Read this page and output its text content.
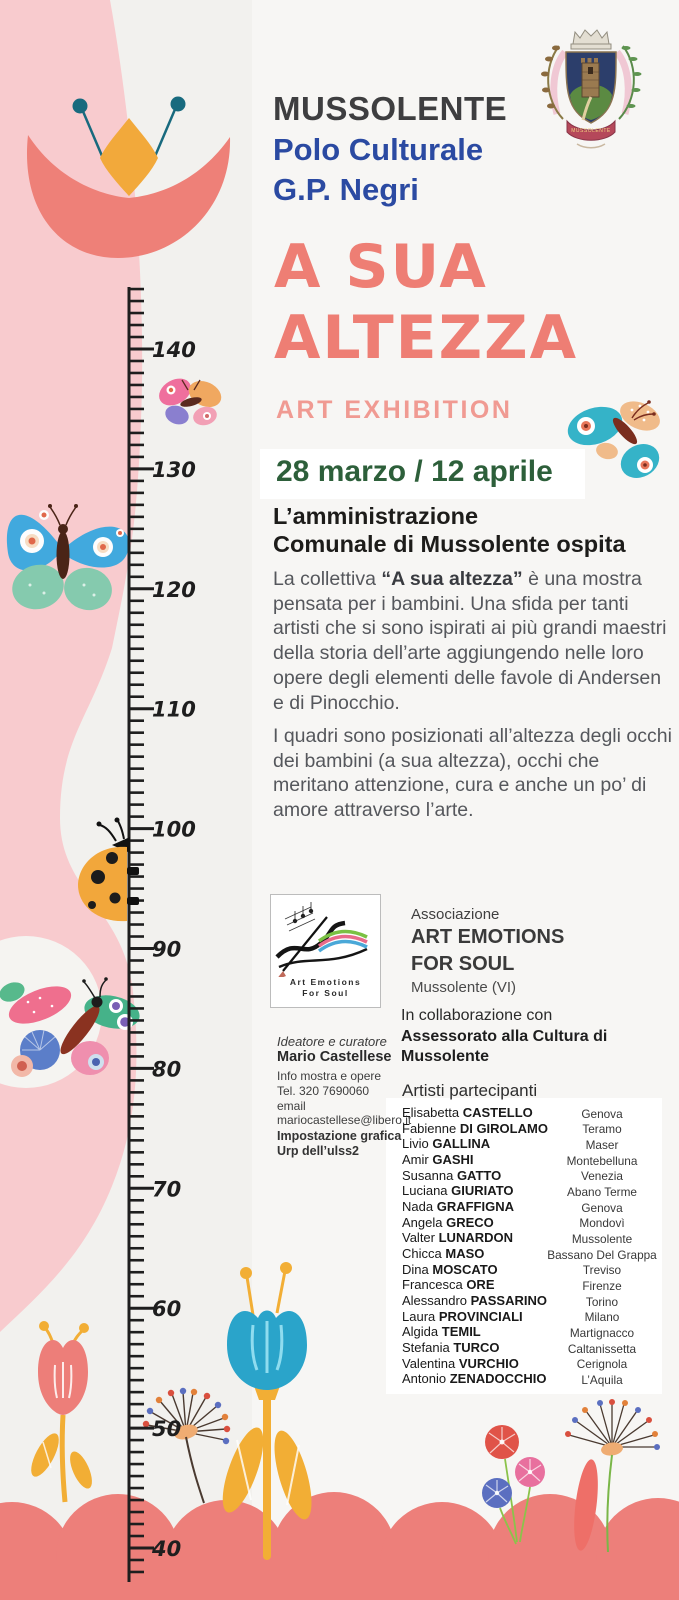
MUSSOLENTE
140
130
120
110
100
90
80
70
60
50
40
MUSSOLENTE
Polo Culturale
G.P. Negri
A SUA
ALTEZZA
ART EXHIBITION
28 marzo / 12 aprile
L’amministrazione
Comunale di Mussolente ospita
La collettiva “A sua altezza” è una mostra pensata per i bambini. Una sfida per tanti artisti che si sono ispirati ai più grandi maestri della storia dell’arte aggiungendo nelle loro opere degli elementi delle favole di Andersen e di Pinocchio.
I quadri sono posizionati all’altezza degli occhi dei bambini (a sua altezza), occhi che meritano attenzione, cura e anche un po’ di amore attraverso l’arte.
Art Emotions
For Soul
Associazione
ART EMOTIONS
FOR SOUL
Mussolente (VI)
In collaborazione con
Assessorato alla Cultura di
Mussolente
Ideatore e curatore
Mario Castellese
Info mostra e opere
Tel. 320 7690060
email
mariocastellese@libero.it
Impostazione grafica
Urp dell’ulss2
Artisti partecipanti
Elisabetta CASTELLO	Genova
Fabienne DI GIROLAMO	Teramo
Livio GALLINA	Maser
Amir GASHI	Montebelluna
Susanna GATTO	Venezia
Luciana GIURIATO	Abano Terme
Nada GRAFFIGNA	Genova
Angela GRECO	Mondovì
Valter LUNARDON	Mussolente
Chicca MASO	Bassano Del Grappa
Dina MOSCATO	Treviso
Francesca ORE	Firenze
Alessandro PASSARINO	Torino
Laura PROVINCIALI	Milano
Algida TEMIL	Martignacco
Stefania TURCO	Caltanissetta
Valentina VURCHIO	Cerignola
Antonio ZENADOCCHIO	L’Aquila
